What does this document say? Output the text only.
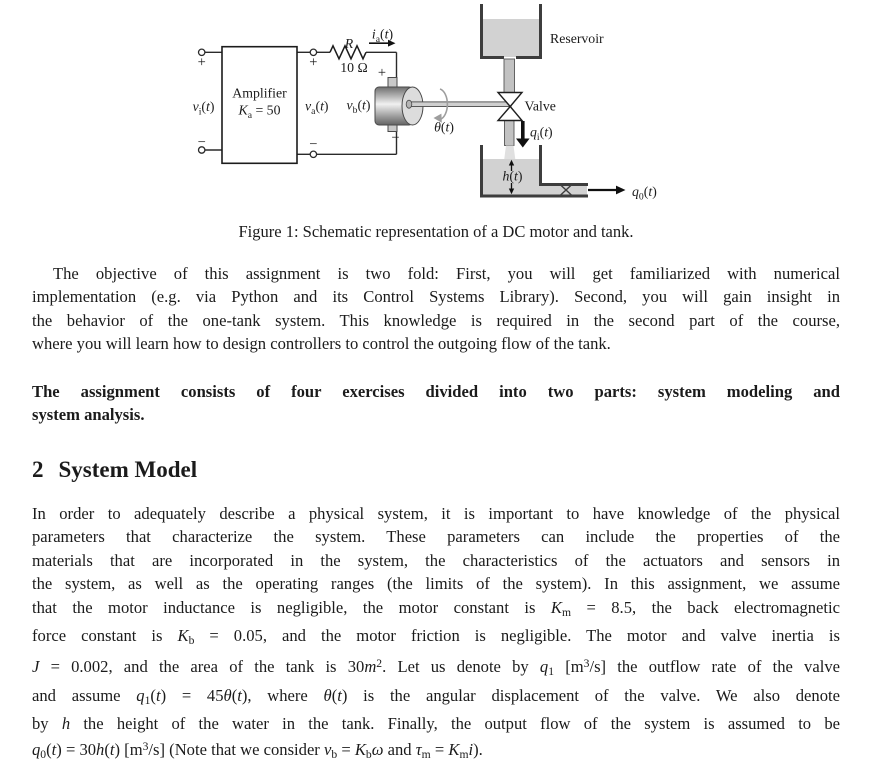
$v_i(t)$
+
−
Amplifier
$K_a = 50$
+
−
$v_a(t)$
R
10 Ω
$i_a(t)$
+
−
$v_b(t)$
θ(t)
Reservoir
Valve
$q_i(t)$
h(t)
$q_0(t)$
Figure 1: Schematic representation of a DC motor and tank.
The objective of this assignment is two fold: First, you will get familiarized with numerical
implementation (e.g. via Python and its Control Systems Library). Second, you will gain insight in
the behavior of the one-tank system. This knowledge is required in the second part of the course,
where you will learn how to design controllers to control the outgoing flow of the tank.
The assignment consists of four exercises divided into two parts: system modeling and
system analysis.
2 System Model
In order to adequately describe a physical system, it is important to have knowledge of the physical
parameters that characterize the system. These parameters can include the properties of the
materials that are incorporated in the system, the characteristics of the actuators and sensors in
the system, as well as the operating ranges (the limits of the system). In this assignment, we assume
that the motor inductance is negligible, the motor constant is $K_m = 8.5$, the back electromagnetic
force constant is $K_b = 0.05$, and the motor friction is negligible. The motor and valve inertia is
J = 0.002, and the area of the tank is $30m^2$. Let us denote by $q_1$ $[m^3/s]$ the outflow rate of the valve
and assume $q_1(t) = 45\theta(t)$, where θ(t) is the angular displacement of the valve. We also denote
by h the height of the water in the tank. Finally, the output flow of the system is assumed to be
$q_0(t) = 30h(t)$ $[m^3/s]$ (Note that we consider $v_b = K_b\omega$ and $\tau_m = K_mi$).
